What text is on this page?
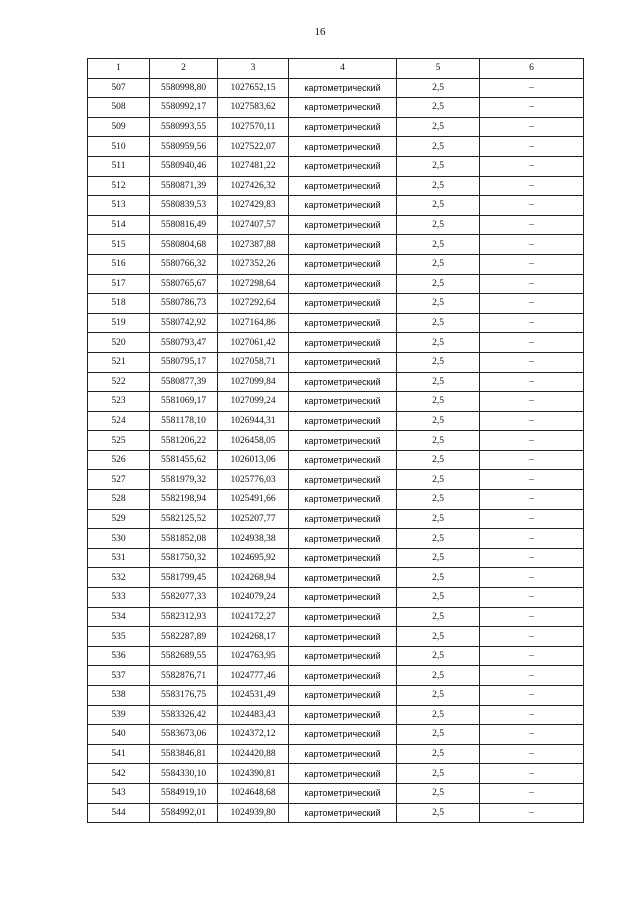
16
1	2	3	4	5	6
507	5580998,80	1027652,15	картометрический	2,5	–
508	5580992,17	1027583,62	картометрический	2,5	–
509	5580993,55	1027570,11	картометрический	2,5	–
510	5580959,56	1027522,07	картометрический	2,5	–
511	5580940,46	1027481,22	картометрический	2,5	–
512	5580871,39	1027426,32	картометрический	2,5	–
513	5580839,53	1027429,83	картометрический	2,5	–
514	5580816,49	1027407,57	картометрический	2,5	–
515	5580804,68	1027387,88	картометрический	2,5	–
516	5580766,32	1027352,26	картометрический	2,5	–
517	5580765,67	1027298,64	картометрический	2,5	–
518	5580786,73	1027292,64	картометрический	2,5	–
519	5580742,92	1027164,86	картометрический	2,5	–
520	5580793,47	1027061,42	картометрический	2,5	–
521	5580795,17	1027058,71	картометрический	2,5	–
522	5580877,39	1027099,84	картометрический	2,5	–
523	5581069,17	1027099,24	картометрический	2,5	–
524	5581178,10	1026944,31	картометрический	2,5	–
525	5581206,22	1026458,05	картометрический	2,5	–
526	5581455,62	1026013,06	картометрический	2,5	–
527	5581979,32	1025776,03	картометрический	2,5	–
528	5582198,94	1025491,66	картометрический	2,5	–
529	5582125,52	1025207,77	картометрический	2,5	–
530	5581852,08	1024938,38	картометрический	2,5	–
531	5581750,32	1024695,92	картометрический	2,5	–
532	5581799,45	1024268,94	картометрический	2,5	–
533	5582077,33	1024079,24	картометрический	2,5	–
534	5582312,93	1024172,27	картометрический	2,5	–
535	5582287,89	1024268,17	картометрический	2,5	–
536	5582689,55	1024763,95	картометрический	2,5	–
537	5582876,71	1024777,46	картометрический	2,5	–
538	5583176,75	1024531,49	картометрический	2,5	–
539	5583326,42	1024483,43	картометрический	2,5	–
540	5583673,06	1024372,12	картометрический	2,5	–
541	5583846,81	1024420,88	картометрический	2,5	–
542	5584330,10	1024390,81	картометрический	2,5	–
543	5584919,10	1024648,68	картометрический	2,5	–
544	5584992,01	1024939,80	картометрический	2,5	–
